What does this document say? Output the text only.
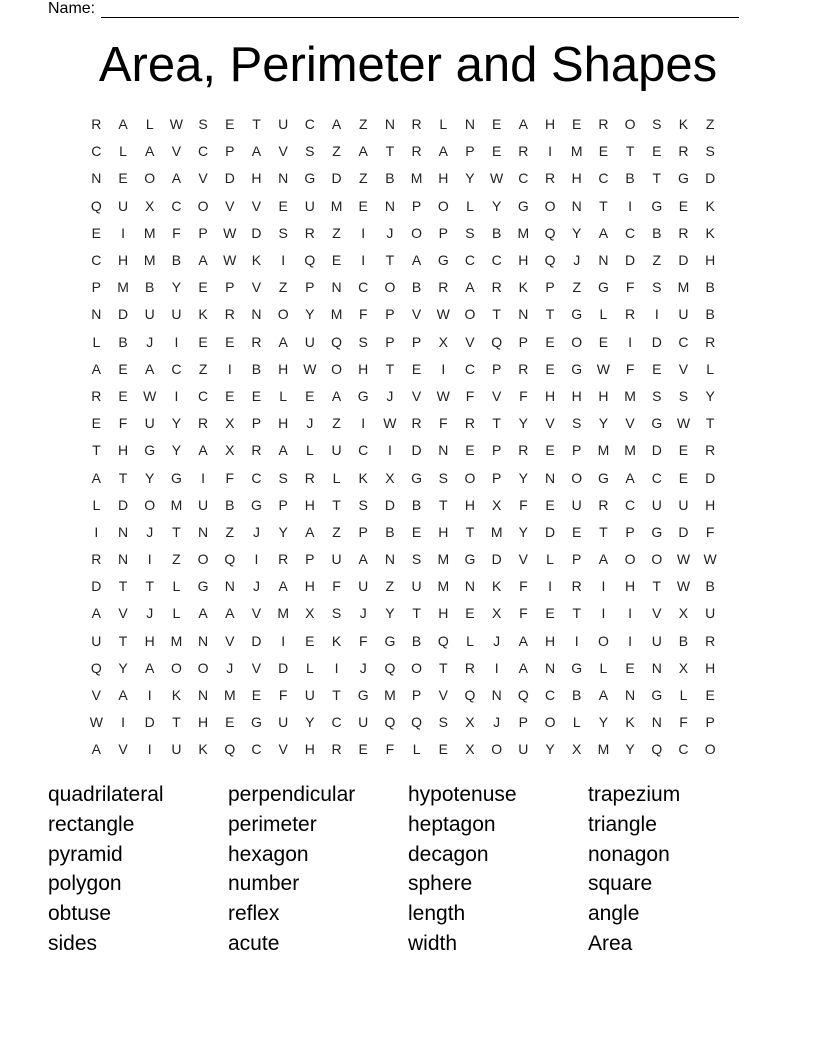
Name:
Area, Perimeter and Shapes
R	A	L	W	S	E	T	U	C	A	Z	N	R	L	N	E	A	H	E	R	O	S	K	Z
C	L	A	V	C	P	A	V	S	Z	A	T	R	A	P	E	R	I	M	E	T	E	R	S
N	E	O	A	V	D	H	N	G	D	Z	B	M	H	Y	W	C	R	H	C	B	T	G	D
Q	U	X	C	O	V	V	E	U	M	E	N	P	O	L	Y	G	O	N	T	I	G	E	K
E	I	M	F	P	W	D	S	R	Z	I	J	O	P	S	B	M	Q	Y	A	C	B	R	K
C	H	M	B	A	W	K	I	Q	E	I	T	A	G	C	C	H	Q	J	N	D	Z	D	H
P	M	B	Y	E	P	V	Z	P	N	C	O	B	R	A	R	K	P	Z	G	F	S	M	B
N	D	U	U	K	R	N	O	Y	M	F	P	V	W	O	T	N	T	G	L	R	I	U	B
L	B	J	I	E	E	R	A	U	Q	S	P	P	X	V	Q	P	E	O	E	I	D	C	R
A	E	A	C	Z	I	B	H	W	O	H	T	E	I	C	P	R	E	G	W	F	E	V	L
R	E	W	I	C	E	E	L	E	A	G	J	V	W	F	V	F	H	H	H	M	S	S	Y
E	F	U	Y	R	X	P	H	J	Z	I	W	R	F	R	T	Y	V	S	Y	V	G	W	T
T	H	G	Y	A	X	R	A	L	U	C	I	D	N	E	P	R	E	P	M	M	D	E	R
A	T	Y	G	I	F	C	S	R	L	K	X	G	S	O	P	Y	N	O	G	A	C	E	D
L	D	O	M	U	B	G	P	H	T	S	D	B	T	H	X	F	E	U	R	C	U	U	H
I	N	J	T	N	Z	J	Y	A	Z	P	B	E	H	T	M	Y	D	E	T	P	G	D	F
R	N	I	Z	O	Q	I	R	P	U	A	N	S	M	G	D	V	L	P	A	O	O	W W
D	T	T	L	G	N	J	A	H	F	U	Z	U	M	N	K	F	I	R	I	H	T	W	B
A	V	J	L	A	A	V	M	X	S	J	Y	T	H	E	X	F	E	T	I	I	V	X	U
U	T	H	M	N	V	D	I	E	K	F	G	B	Q	L	J	A	H	I	O	I	U	B	R
Q	Y	A	O	O	J	V	D	L	I	J	Q	O	T	R	I	A	N	G	L	E	N	X	H
V	A	I	K	N	M	E	F	U	T	G	M	P	V	Q	N	Q	C	B	A	N	G	L	E
W	I	D	T	H	E	G	U	Y	C	U	Q	Q	S	X	J	P	O	L	Y	K	N	F	P
A	V	I	U	K	Q	C	V	H	R	E	F	L	E	X	O	U	Y	X	M	Y	Q	C	O
quadrilateral	perpendicular	hypotenuse	trapezium
rectangle	perimeter	heptagon	triangle
pyramid	hexagon	decagon	nonagon
polygon	number	sphere	square
obtuse	reflex	length	angle
sides	acute	width	Area
